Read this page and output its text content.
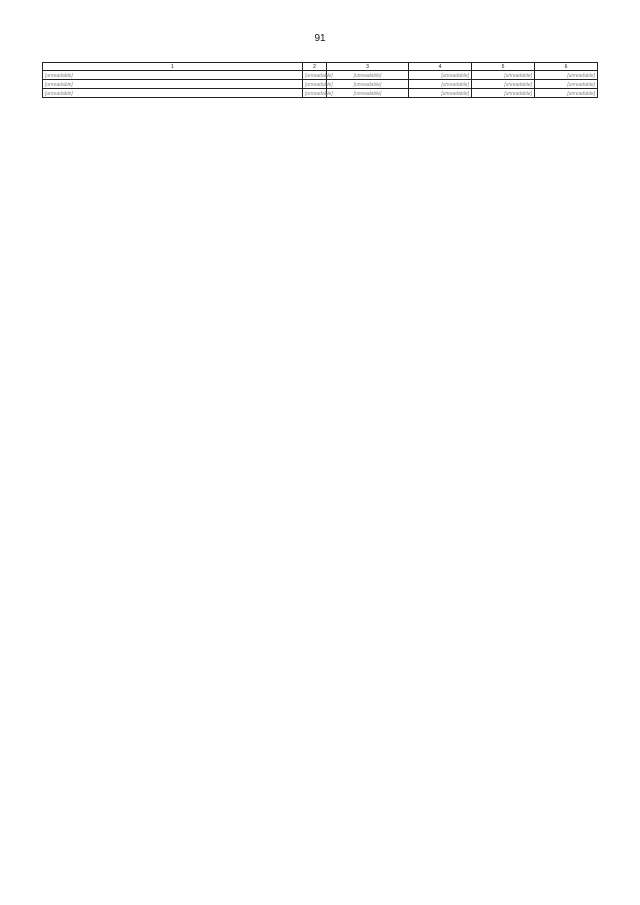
91
1	2	3	4	5	6
[unreadable]	[unreadable]	[unreadable]	[unreadable]	[unreadable]	[unreadable]
[unreadable]	[unreadable]	[unreadable]	[unreadable]	[unreadable]	[unreadable]
[unreadable]	[unreadable]	[unreadable]	[unreadable]	[unreadable]	[unreadable]
